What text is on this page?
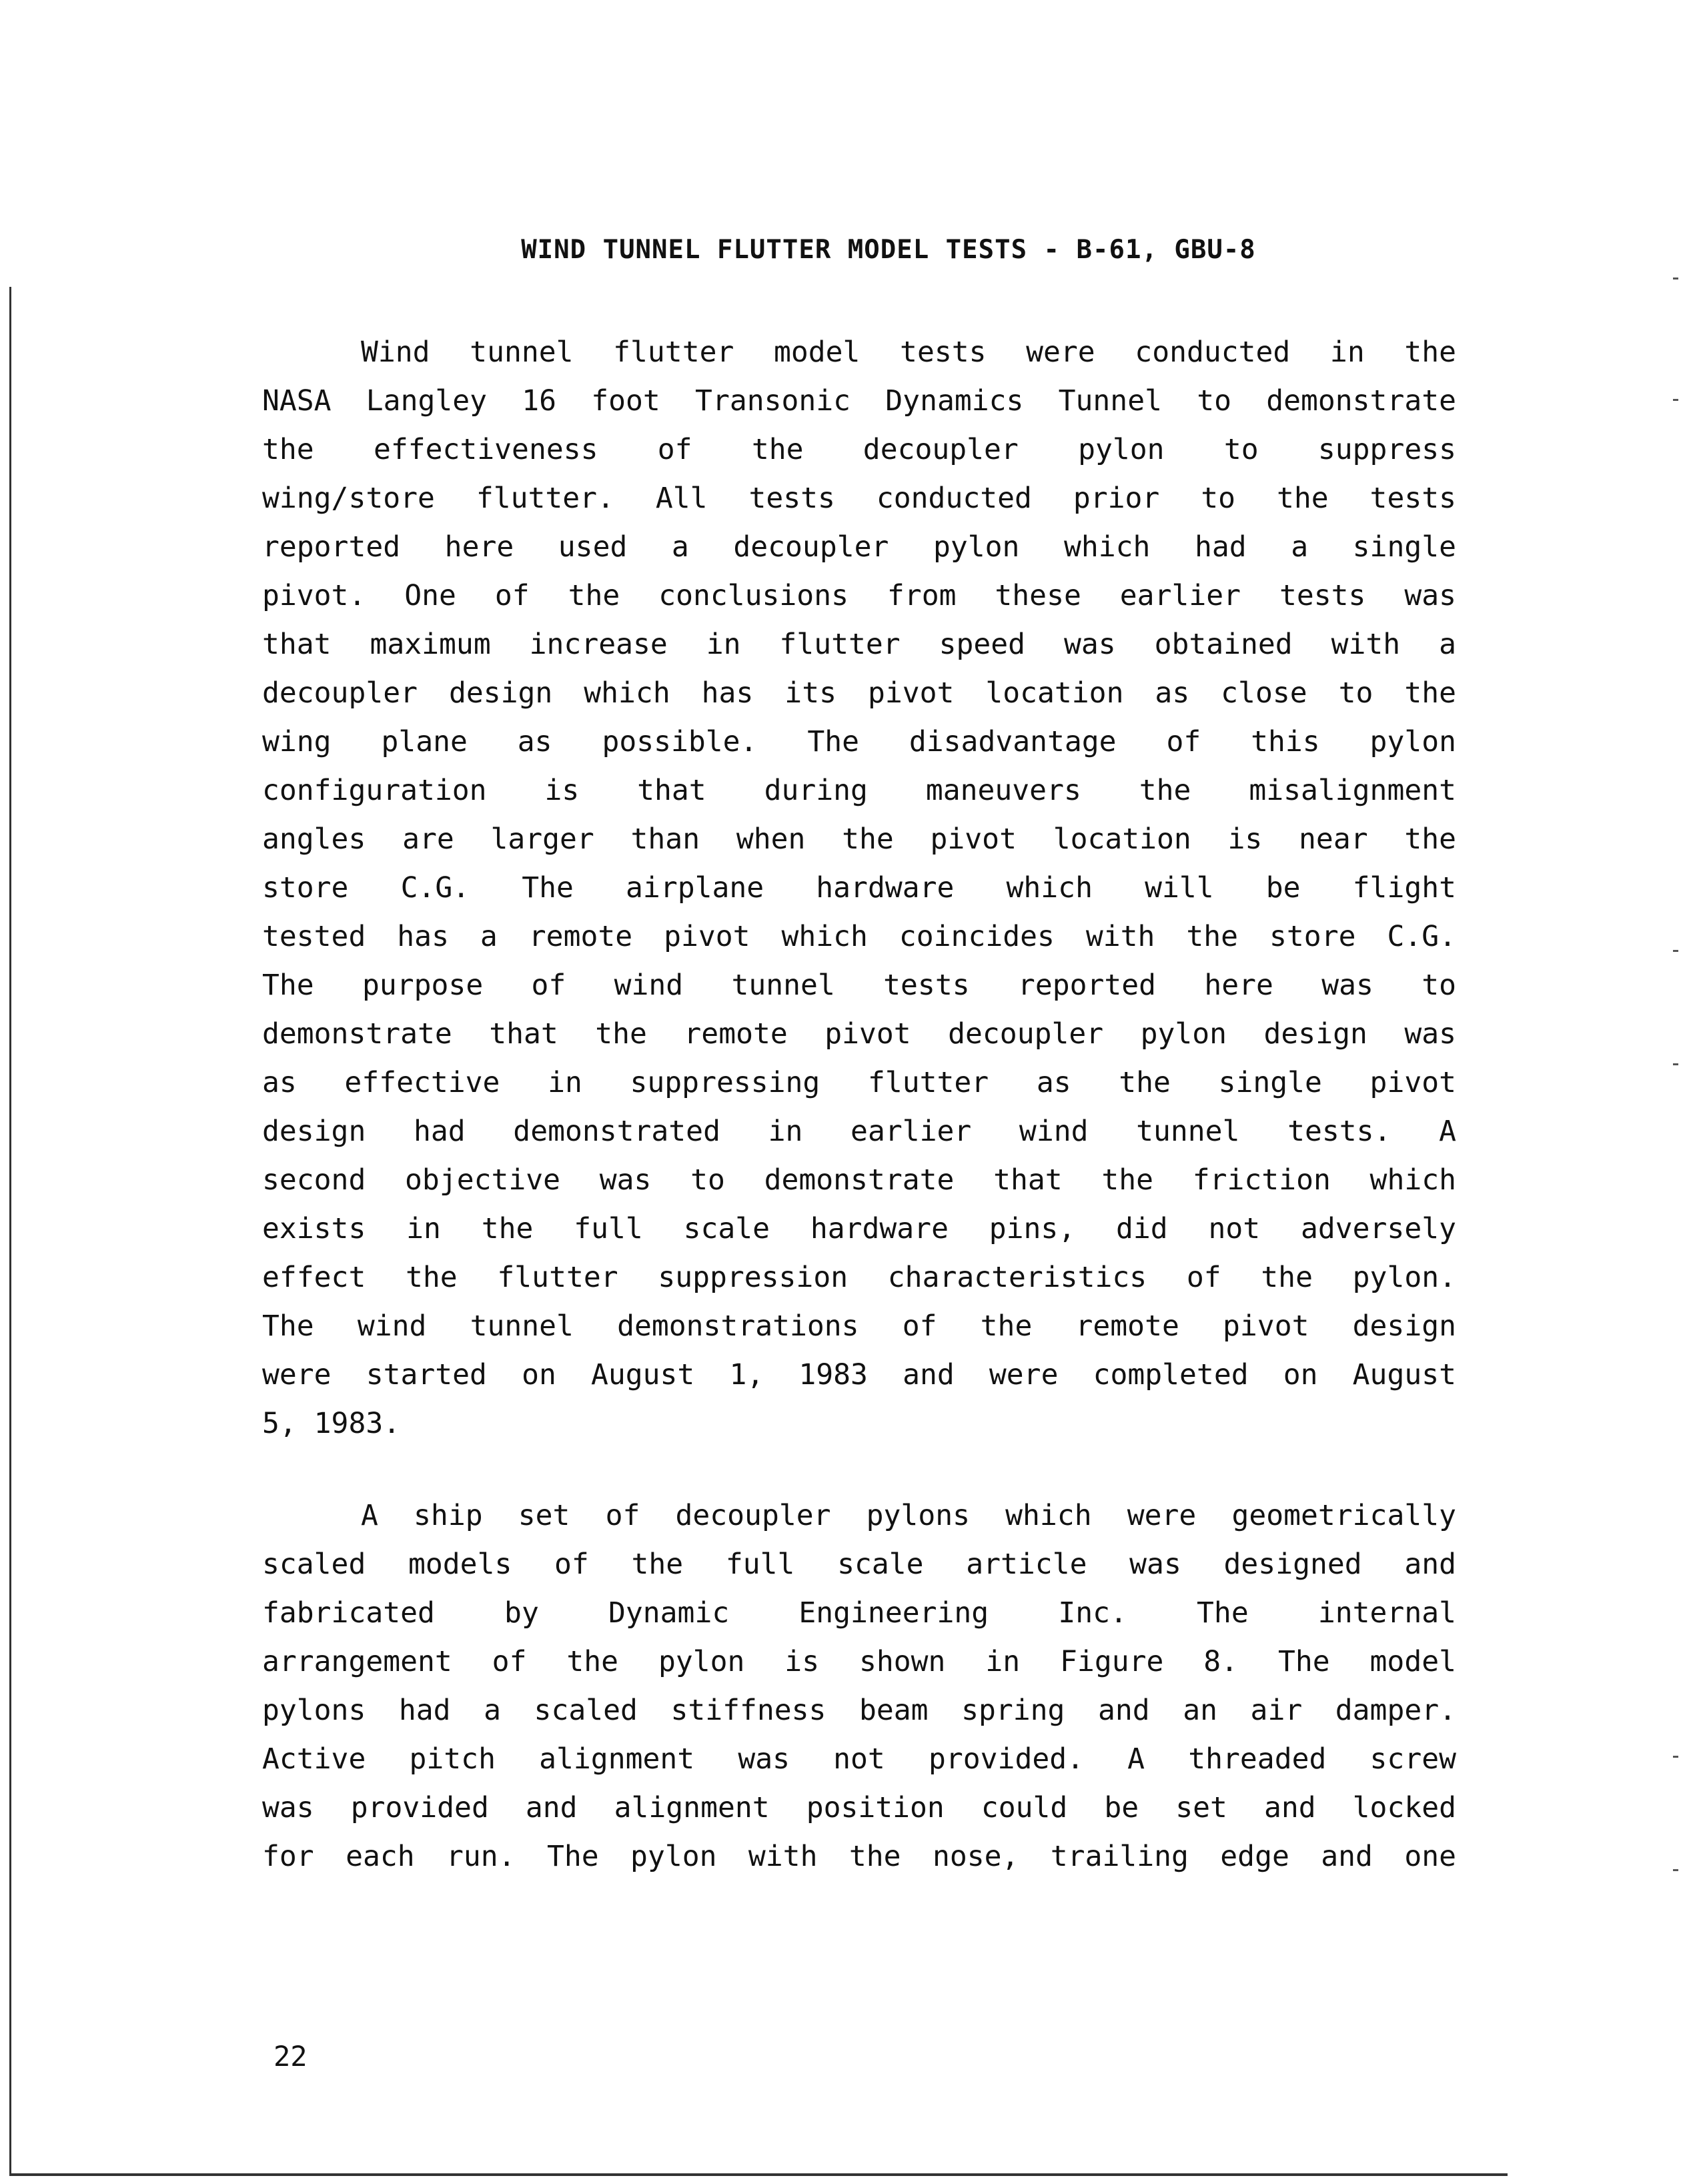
WIND TUNNEL FLUTTER MODEL TESTS - B-61, GBU-8
Wind tunnel flutter model tests were conducted in the
NASA Langley 16 foot Transonic Dynamics Tunnel to demonstrate
the effectiveness of the decoupler pylon to suppress
wing/store flutter. All tests conducted prior to the tests
reported here used a decoupler pylon which had a single
pivot. One of the conclusions from these earlier tests was
that maximum increase in flutter speed was obtained with a
decoupler design which has its pivot location as close to the
wing plane as possible. The disadvantage of this pylon
configuration is that during maneuvers the misalignment
angles are larger than when the pivot location is near the
store C.G. The airplane hardware which will be flight
tested has a remote pivot which coincides with the store C.G.
The purpose of wind tunnel tests reported here was to
demonstrate that the remote pivot decoupler pylon design was
as effective in suppressing flutter as the single pivot
design had demonstrated in earlier wind tunnel tests. A
second objective was to demonstrate that the friction which
exists in the full scale hardware pins, did not adversely
effect the flutter suppression characteristics of the pylon.
The wind tunnel demonstrations of the remote pivot design
were started on August 1, 1983 and were completed on August
5, 1983.
A ship set of decoupler pylons which were geometrically
scaled models of the full scale article was designed and
fabricated by Dynamic Engineering Inc. The internal
arrangement of the pylon is shown in Figure 8. The model
pylons had a scaled stiffness beam spring and an air damper.
Active pitch alignment was not provided. A threaded screw
was provided and alignment position could be set and locked
for each run. The pylon with the nose, trailing edge and one
22
